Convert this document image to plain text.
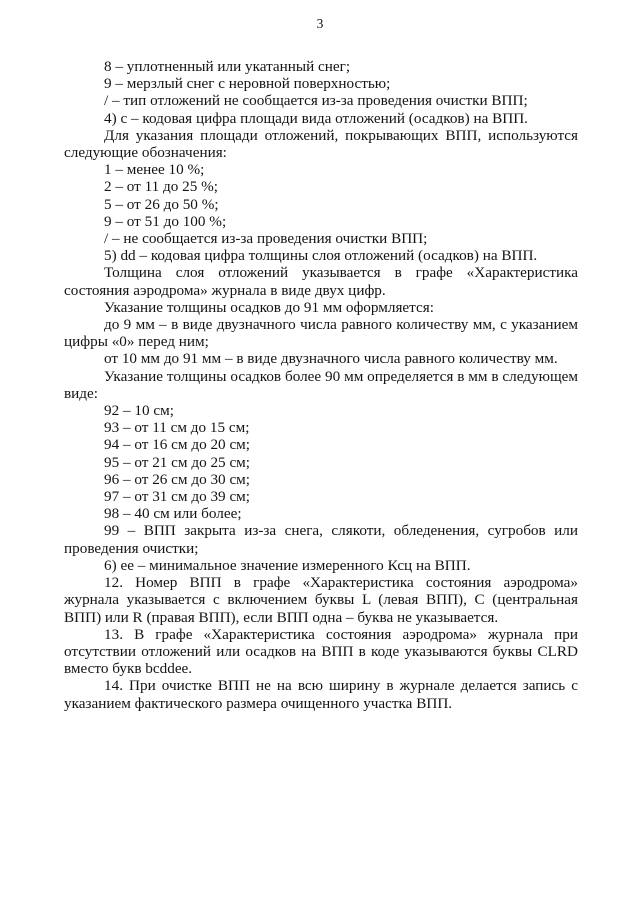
3

8 – уплотненный или укатанный снег;

9 – мерзлый снег с неровной поверхностью;

/ – тип отложений не сообщается из-за проведения очистки ВПП;

4) с – кодовая цифра площади вида отложений (осадков) на ВПП.

Для указания площади отложений, покрывающих ВПП, используются следующие обозначения:

1 – менее 10 %;

2 – от 11 до 25 %;

5 – от 26 до 50 %;

9 – от 51 до 100 %;

/ – не сообщается из-за проведения очистки ВПП;

5) dd – кодовая цифра толщины слоя отложений (осадков) на ВПП.

Толщина слоя отложений указывается в графе «Характеристика состояния аэродрома» журнала в виде двух цифр.

Указание толщины осадков до 91 мм оформляется:

до 9 мм – в виде двузначного числа равного количеству мм, с указанием цифры «0» перед ним;

от 10 мм до 91 мм – в виде двузначного числа равного количеству мм.

Указание толщины осадков более 90 мм определяется в мм в следующем виде:

92 – 10 см;

93 – от 11 см до 15 см;

94 – от 16 см до 20 см;

95 – от 21 см до 25 см;

96 – от 26 см до 30 см;

97 – от 31 см до 39 см;

98 – 40 см или более;

99 – ВПП закрыта из-за снега, слякоти, обледенения, сугробов или проведения очистки;

6) ее – минимальное значение измеренного Ксц на ВПП.

12. Номер ВПП в графе «Характеристика состояния аэродрома» журнала указывается с включением буквы L (левая ВПП), С (центральная ВПП) или R (правая ВПП), если ВПП одна – буква не указывается.

13. В графе «Характеристика состояния аэродрома» журнала при отсутствии отложений или осадков на ВПП в коде указываются буквы CLRD вместо букв bcddee.

14. При очистке ВПП не на всю ширину в журнале делается запись с указанием фактического размера очищенного участка ВПП.
